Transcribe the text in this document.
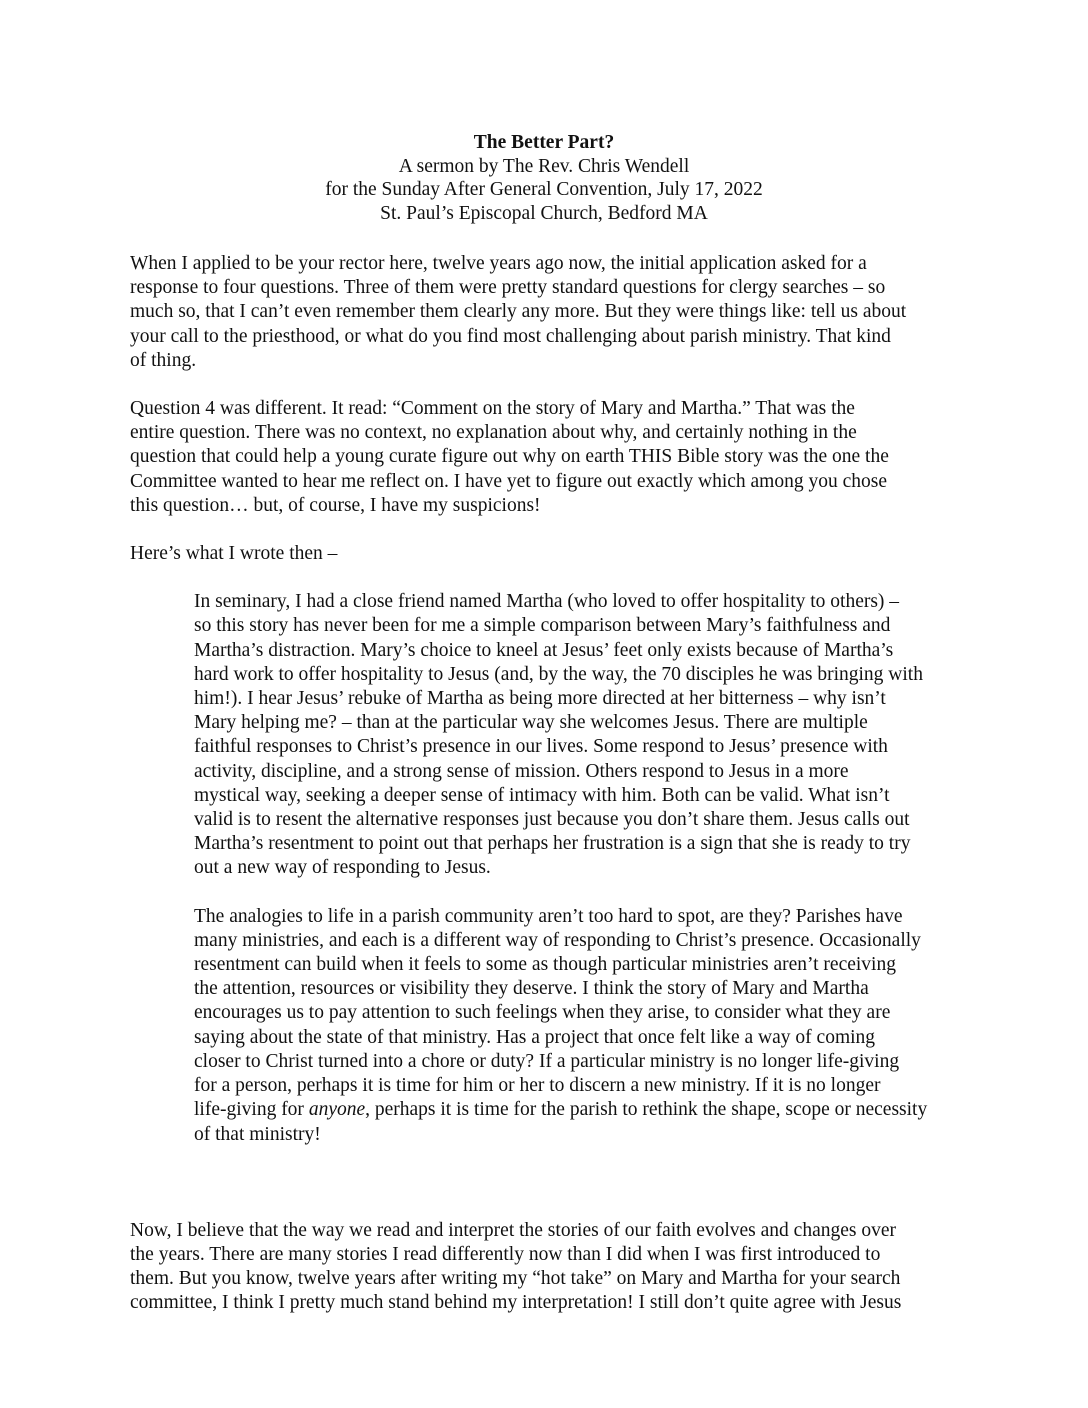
The Better Part?
A sermon by The Rev. Chris Wendell
for the Sunday After General Convention, July 17, 2022
St. Paul’s Episcopal Church, Bedford MA

When I applied to be your rector here, twelve years ago now, the initial application asked for a
response to four questions. Three of them were pretty standard questions for clergy searches – so
much so, that I can’t even remember them clearly any more. But they were things like: tell us about
your call to the priesthood, or what do you find most challenging about parish ministry. That kind
of thing.

Question 4 was different. It read: “Comment on the story of Mary and Martha.” That was the
entire question. There was no context, no explanation about why, and certainly nothing in the
question that could help a young curate figure out why on earth THIS Bible story was the one the
Committee wanted to hear me reflect on. I have yet to figure out exactly which among you chose
this question… but, of course, I have my suspicions!

Here’s what I wrote then –

In seminary, I had a close friend named Martha (who loved to offer hospitality to others) –
so this story has never been for me a simple comparison between Mary’s faithfulness and
Martha’s distraction. Mary’s choice to kneel at Jesus’ feet only exists because of Martha’s
hard work to offer hospitality to Jesus (and, by the way, the 70 disciples he was bringing with
him!). I hear Jesus’ rebuke of Martha as being more directed at her bitterness – why isn’t
Mary helping me? – than at the particular way she welcomes Jesus. There are multiple
faithful responses to Christ’s presence in our lives. Some respond to Jesus’ presence with
activity, discipline, and a strong sense of mission. Others respond to Jesus in a more
mystical way, seeking a deeper sense of intimacy with him. Both can be valid. What isn’t
valid is to resent the alternative responses just because you don’t share them. Jesus calls out
Martha’s resentment to point out that perhaps her frustration is a sign that she is ready to try
out a new way of responding to Jesus.

The analogies to life in a parish community aren’t too hard to spot, are they? Parishes have
many ministries, and each is a different way of responding to Christ’s presence. Occasionally
resentment can build when it feels to some as though particular ministries aren’t receiving
the attention, resources or visibility they deserve. I think the story of Mary and Martha
encourages us to pay attention to such feelings when they arise, to consider what they are
saying about the state of that ministry. Has a project that once felt like a way of coming
closer to Christ turned into a chore or duty? If a particular ministry is no longer life-giving
for a person, perhaps it is time for him or her to discern a new ministry. If it is no longer
life-giving for anyone, perhaps it is time for the parish to rethink the shape, scope or necessity
of that ministry!

Now, I believe that the way we read and interpret the stories of our faith evolves and changes over
the years. There are many stories I read differently now than I did when I was first introduced to
them. But you know, twelve years after writing my “hot take” on Mary and Martha for your search
committee, I think I pretty much stand behind my interpretation! I still don’t quite agree with Jesus
